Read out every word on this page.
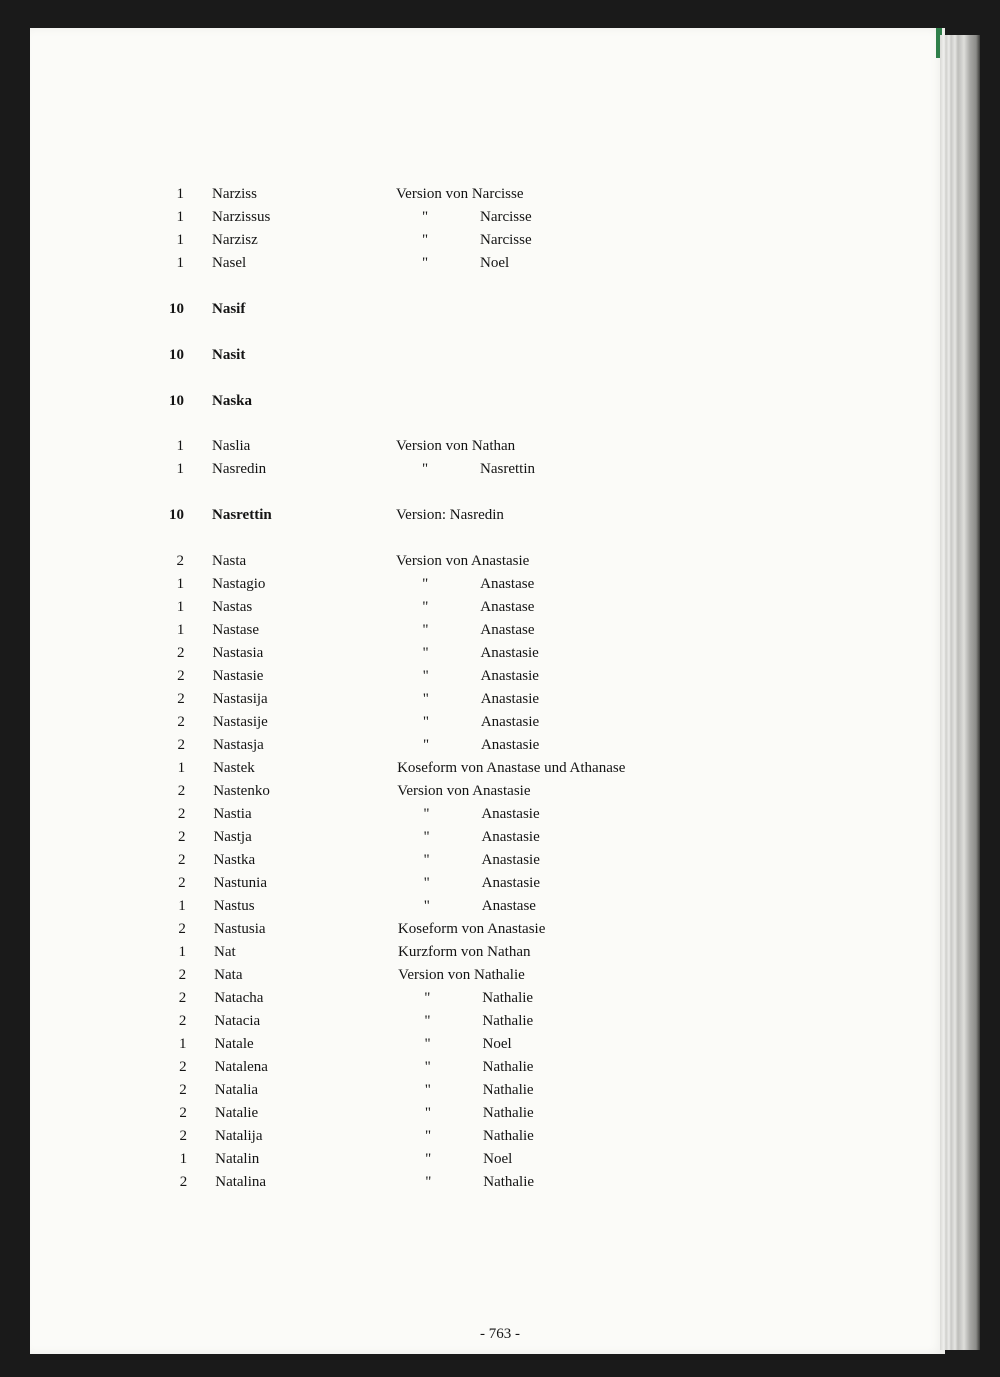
1 Narziss	Version von Narcisse
1 Narzissus	"	Narcisse
1 Narzisz	"	Narcisse
1 Nasel	"	Noel
10 Nasif
10 Nasit
10 Naska
1 Naslia	Version von Nathan
1 Nasredin	"	Nasrettin
10 Nasrettin	Version: Nasredin
2 Nasta	Version von Anastasie
1 Nastagio	"	Anastase
1 Nastas	"	Anastase
1 Nastase	"	Anastase
2 Nastasia	"	Anastasie
2 Nastasie	"	Anastasie
2 Nastasija	"	Anastasie
2 Nastasije	"	Anastasie
2 Nastasja	"	Anastasie
1 Nastek	Koseform von Anastase und Athanase
2 Nastenko	Version von Anastasie
2 Nastia	"	Anastasie
2 Nastja	"	Anastasie
2 Nastka	"	Anastasie
2 Nastunia	"	Anastasie
1 Nastus	"	Anastase
2 Nastusia	Koseform von Anastasie
1 Nat	Kurzform von Nathan
2 Nata	Version von Nathalie
2 Natacha	"	Nathalie
2 Natacia	"	Nathalie
1 Natale	"	Noel
2 Natalena	"	Nathalie
2 Natalia	"	Nathalie
2 Natalie	"	Nathalie
2 Natalija	"	Nathalie
1 Natalin	"	Noel
2 Natalina	"	Nathalie
- 763 -
